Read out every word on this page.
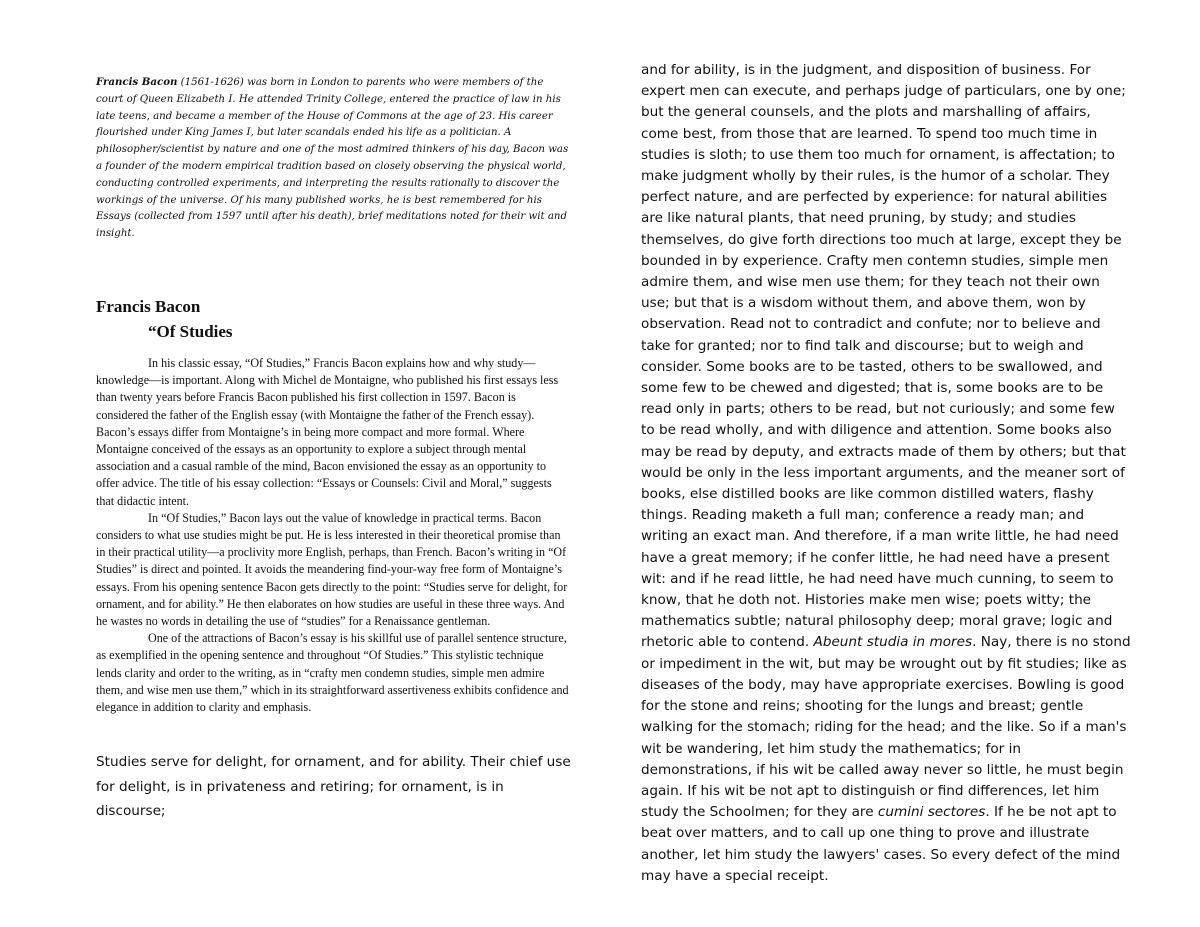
Francis Bacon (1561-1626) was born in London to parents who were members of the court of Queen Elizabeth I. He attended Trinity College, entered the practice of law in his late teens, and became a member of the House of Commons at the age of 23. His career flourished under King James I, but later scandals ended his life as a politician. A philosopher/scientist by nature and one of the most admired thinkers of his day, Bacon was a founder of the modern empirical tradition based on closely observing the physical world, conducting controlled experiments, and interpreting the results rationally to discover the workings of the universe. Of his many published works, he is best remembered for his Essays (collected from 1597 until after his death), brief meditations noted for their wit and insight.

Francis Bacon
“Of Studies

In his classic essay, “Of Studies,” Francis Bacon explains how and why study—knowledge—is important. Along with Michel de Montaigne, who published his first essays less than twenty years before Francis Bacon published his first collection in 1597. Bacon is considered the father of the English essay (with Montaigne the father of the French essay). Bacon’s essays differ from Montaigne’s in being more compact and more formal. Where Montaigne conceived of the essays as an opportunity to explore a subject through mental association and a casual ramble of the mind, Bacon envisioned the essay as an opportunity to offer advice. The title of his essay collection: “Essays or Counsels: Civil and Moral,” suggests that didactic intent.

In “Of Studies,” Bacon lays out the value of knowledge in practical terms. Bacon considers to what use studies might be put. He is less interested in their theoretical promise than in their practical utility—a proclivity more English, perhaps, than French. Bacon’s writing in “Of Studies” is direct and pointed. It avoids the meandering find-your-way free form of Montaigne’s essays. From his opening sentence Bacon gets directly to the point: “Studies serve for delight, for ornament, and for ability.” He then elaborates on how studies are useful in these three ways. And he wastes no words in detailing the use of “studies” for a Renaissance gentleman.

One of the attractions of Bacon’s essay is his skillful use of parallel sentence structure, as exemplified in the opening sentence and throughout “Of Studies.” This stylistic technique lends clarity and order to the writing, as in “crafty men condemn studies, simple men admire them, and wise men use them,” which in its straightforward assertiveness exhibits confidence and elegance in addition to clarity and emphasis.

Studies serve for delight, for ornament, and for ability. Their chief use for delight, is in privateness and retiring; for ornament, is in discourse;

and for ability, is in the judgment, and disposition of business. For expert men can execute, and perhaps judge of particulars, one by one; but the general counsels, and the plots and marshalling of affairs, come best, from those that are learned. To spend too much time in studies is sloth; to use them too much for ornament, is affectation; to make judgment wholly by their rules, is the humor of a scholar. They perfect nature, and are perfected by experience: for natural abilities are like natural plants, that need pruning, by study; and studies themselves, do give forth directions too much at large, except they be bounded in by experience. Crafty men contemn studies, simple men admire them, and wise men use them; for they teach not their own use; but that is a wisdom without them, and above them, won by observation. Read not to contradict and confute; nor to believe and take for granted; nor to find talk and discourse; but to weigh and consider. Some books are to be tasted, others to be swallowed, and some few to be chewed and digested; that is, some books are to be read only in parts; others to be read, but not curiously; and some few to be read wholly, and with diligence and attention. Some books also may be read by deputy, and extracts made of them by others; but that would be only in the less important arguments, and the meaner sort of books, else distilled books are like common distilled waters, flashy things. Reading maketh a full man; conference a ready man; and writing an exact man. And therefore, if a man write little, he had need have a great memory; if he confer little, he had need have a present wit: and if he read little, he had need have much cunning, to seem to know, that he doth not. Histories make men wise; poets witty; the mathematics subtle; natural philosophy deep; moral grave; logic and rhetoric able to contend. Abeunt studia in mores. Nay, there is no stond or impediment in the wit, but may be wrought out by fit studies; like as diseases of the body, may have appropriate exercises. Bowling is good for the stone and reins; shooting for the lungs and breast; gentle walking for the stomach; riding for the head; and the like. So if a man's wit be wandering, let him study the mathematics; for in demonstrations, if his wit be called away never so little, he must begin again. If his wit be not apt to distinguish or find differences, let him study the Schoolmen; for they are cumini sectores. If he be not apt to beat over matters, and to call up one thing to prove and illustrate another, let him study the lawyers' cases. So every defect of the mind may have a special receipt.
